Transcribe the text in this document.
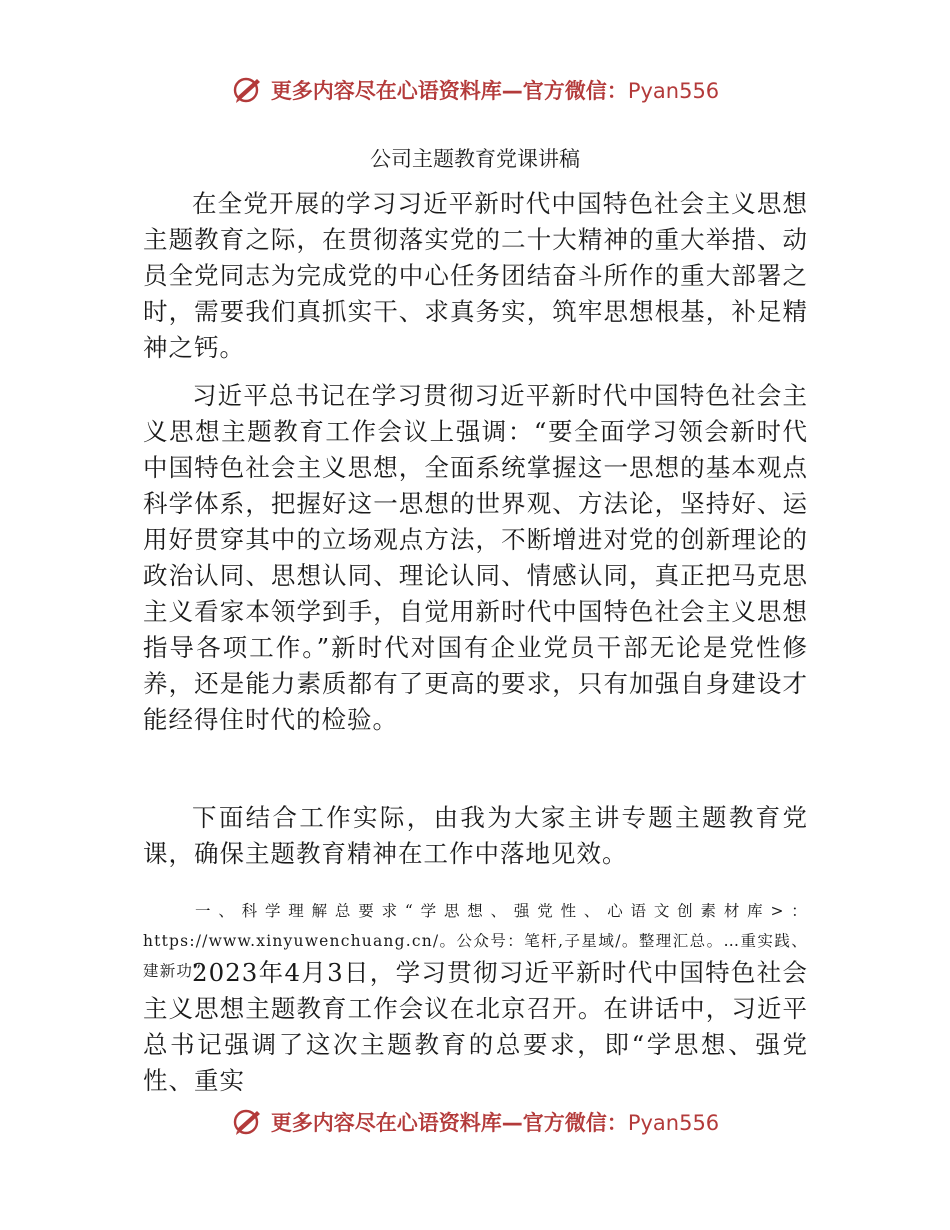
更多内容尽在心语资料库—官方微信：Pyan556
公司主题教育党课讲稿

在全党开展的学习习近平新时代中国特色社会主义思想主题教育之际，在贯彻落实党的二十大精神的重大举措、动员全党同志为完成党的中心任务团结奋斗所作的重大部署之时，需要我们真抓实干、求真务实，筑牢思想根基，补足精神之钙。

习近平总书记在学习贯彻习近平新时代中国特色社会主义思想主题教育工作会议上强调：“要全面学习领会新时代中国特色社会主义思想，全面系统掌握这一思想的基本观点科学体系，把握好这一思想的世界观、方法论，坚持好、运用好贯穿其中的立场观点方法，不断增进对党的创新理论的政治认同、思想认同、理论认同、情感认同，真正把马克思主义看家本领学到手，自觉用新时代中国特色社会主义思想指导各项工作。”新时代对国有企业党员干部无论是党性修养，还是能力素质都有了更高的要求，只有加强自身建设才能经得住时代的检验。

下面结合工作实际，由我为大家主讲专题主题教育党课，确保主题教育精神在工作中落地见效。

一、科学理解总要求“学思想、强党性、心语文创素材库>：https://www.xinyuwenchuang.cn/。公众号：笔杆,子星域/。整理汇总。…重实践、建新功”

2023年4月3日，学习贯彻习近平新时代中国特色社会主义思想主题教育工作会议在北京召开。在讲话中，习近平总书记强调了这次主题教育的总要求，即“学思想、强党性、重实

更多内容尽在心语资料库—官方微信：Pyan556
